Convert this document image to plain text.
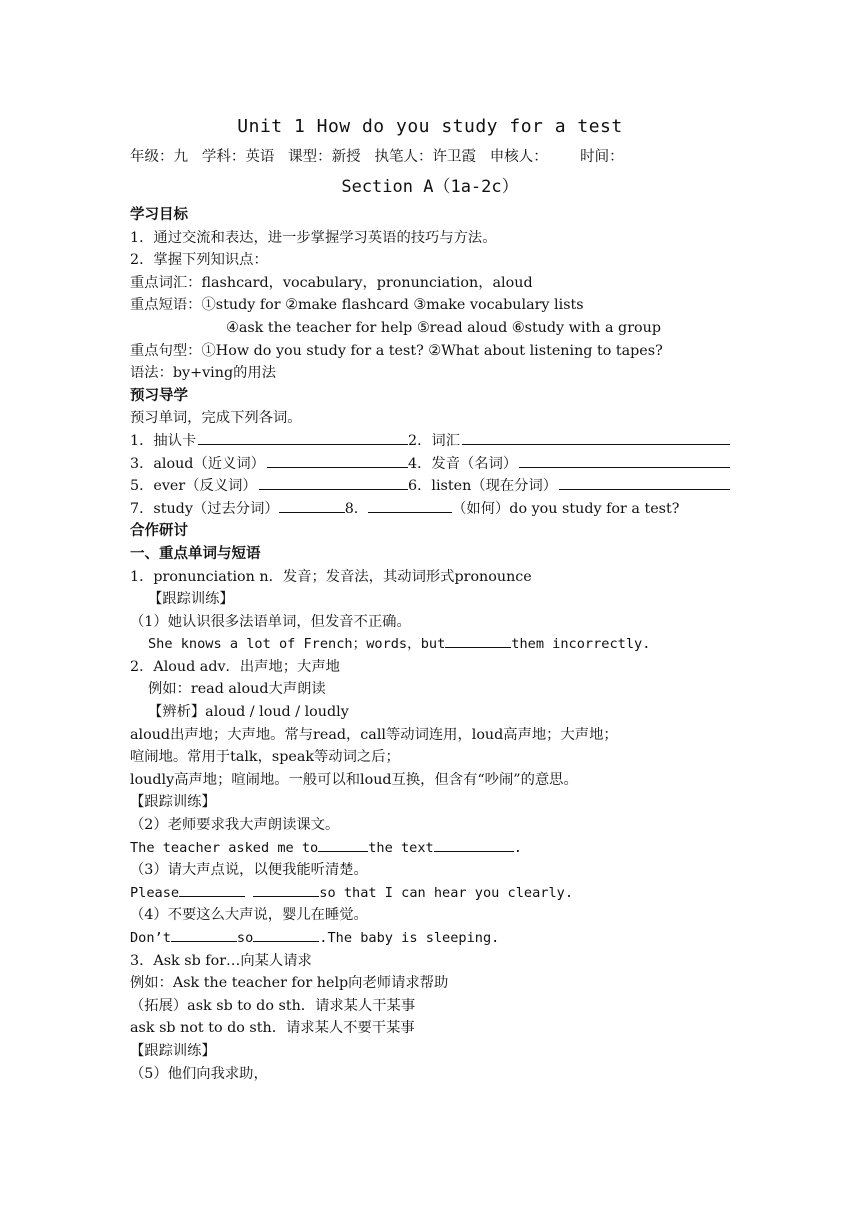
Unit 1 How do you study for a test
年级：九   学科：英语   课型：新授   执笔人：许卫霞   申核人：       时间：
Section A（1a-2c）
学习目标
1．通过交流和表达，进一步掌握学习英语的技巧与方法。
2．掌握下列知识点：
重点词汇：flashcard，vocabulary，pronunciation，aloud
重点短语：①study for ②make flashcard ③make vocabulary lists
④ask the teacher for help ⑤read aloud ⑥study with a group
重点句型：①How do you study for a test? ②What about listening to tapes?
语法：by+ving的用法
预习导学
预习单词，完成下列各词。
1．抽认卡	2．词汇
3．aloud（近义词）	4．发音（名词）
5．ever（反义词）	6．listen（现在分词）
7．study（过去分词）	8．	（如何）do you study for a test?
合作研讨
一、重点单词与短语
1．pronunciation n．发音；发音法，其动词形式pronounce
【跟踪训练】
（1）她认识很多法语单词，但发音不正确。
She knows a lot of French；words，but	them incorrectly.
2．Aloud adv．出声地；大声地
例如：read aloud大声朗读
【辨析】aloud / loud / loudly
aloud出声地；大声地。常与read，call等动词连用，loud高声地；大声地；
喧闹地。常用于talk，speak等动词之后；
loudly高声地；喧闹地。一般可以和loud互换，但含有“吵闹”的意思。
【跟踪训练】
（2）老师要求我大声朗读课文。
The teacher asked me to	the text	.
（3）请大声点说，以便我能听清楚。
Please	so that I can hear you clearly.
（4）不要这么大声说，婴儿在睡觉。
Don’t	so	.The baby is sleeping.
3．Ask sb for…向某人请求
例如：Ask the teacher for help向老师请求帮助
（拓展）ask sb to do sth．请求某人干某事
ask sb not to do sth．请求某人不要干某事
【跟踪训练】
（5）他们向我求助，
